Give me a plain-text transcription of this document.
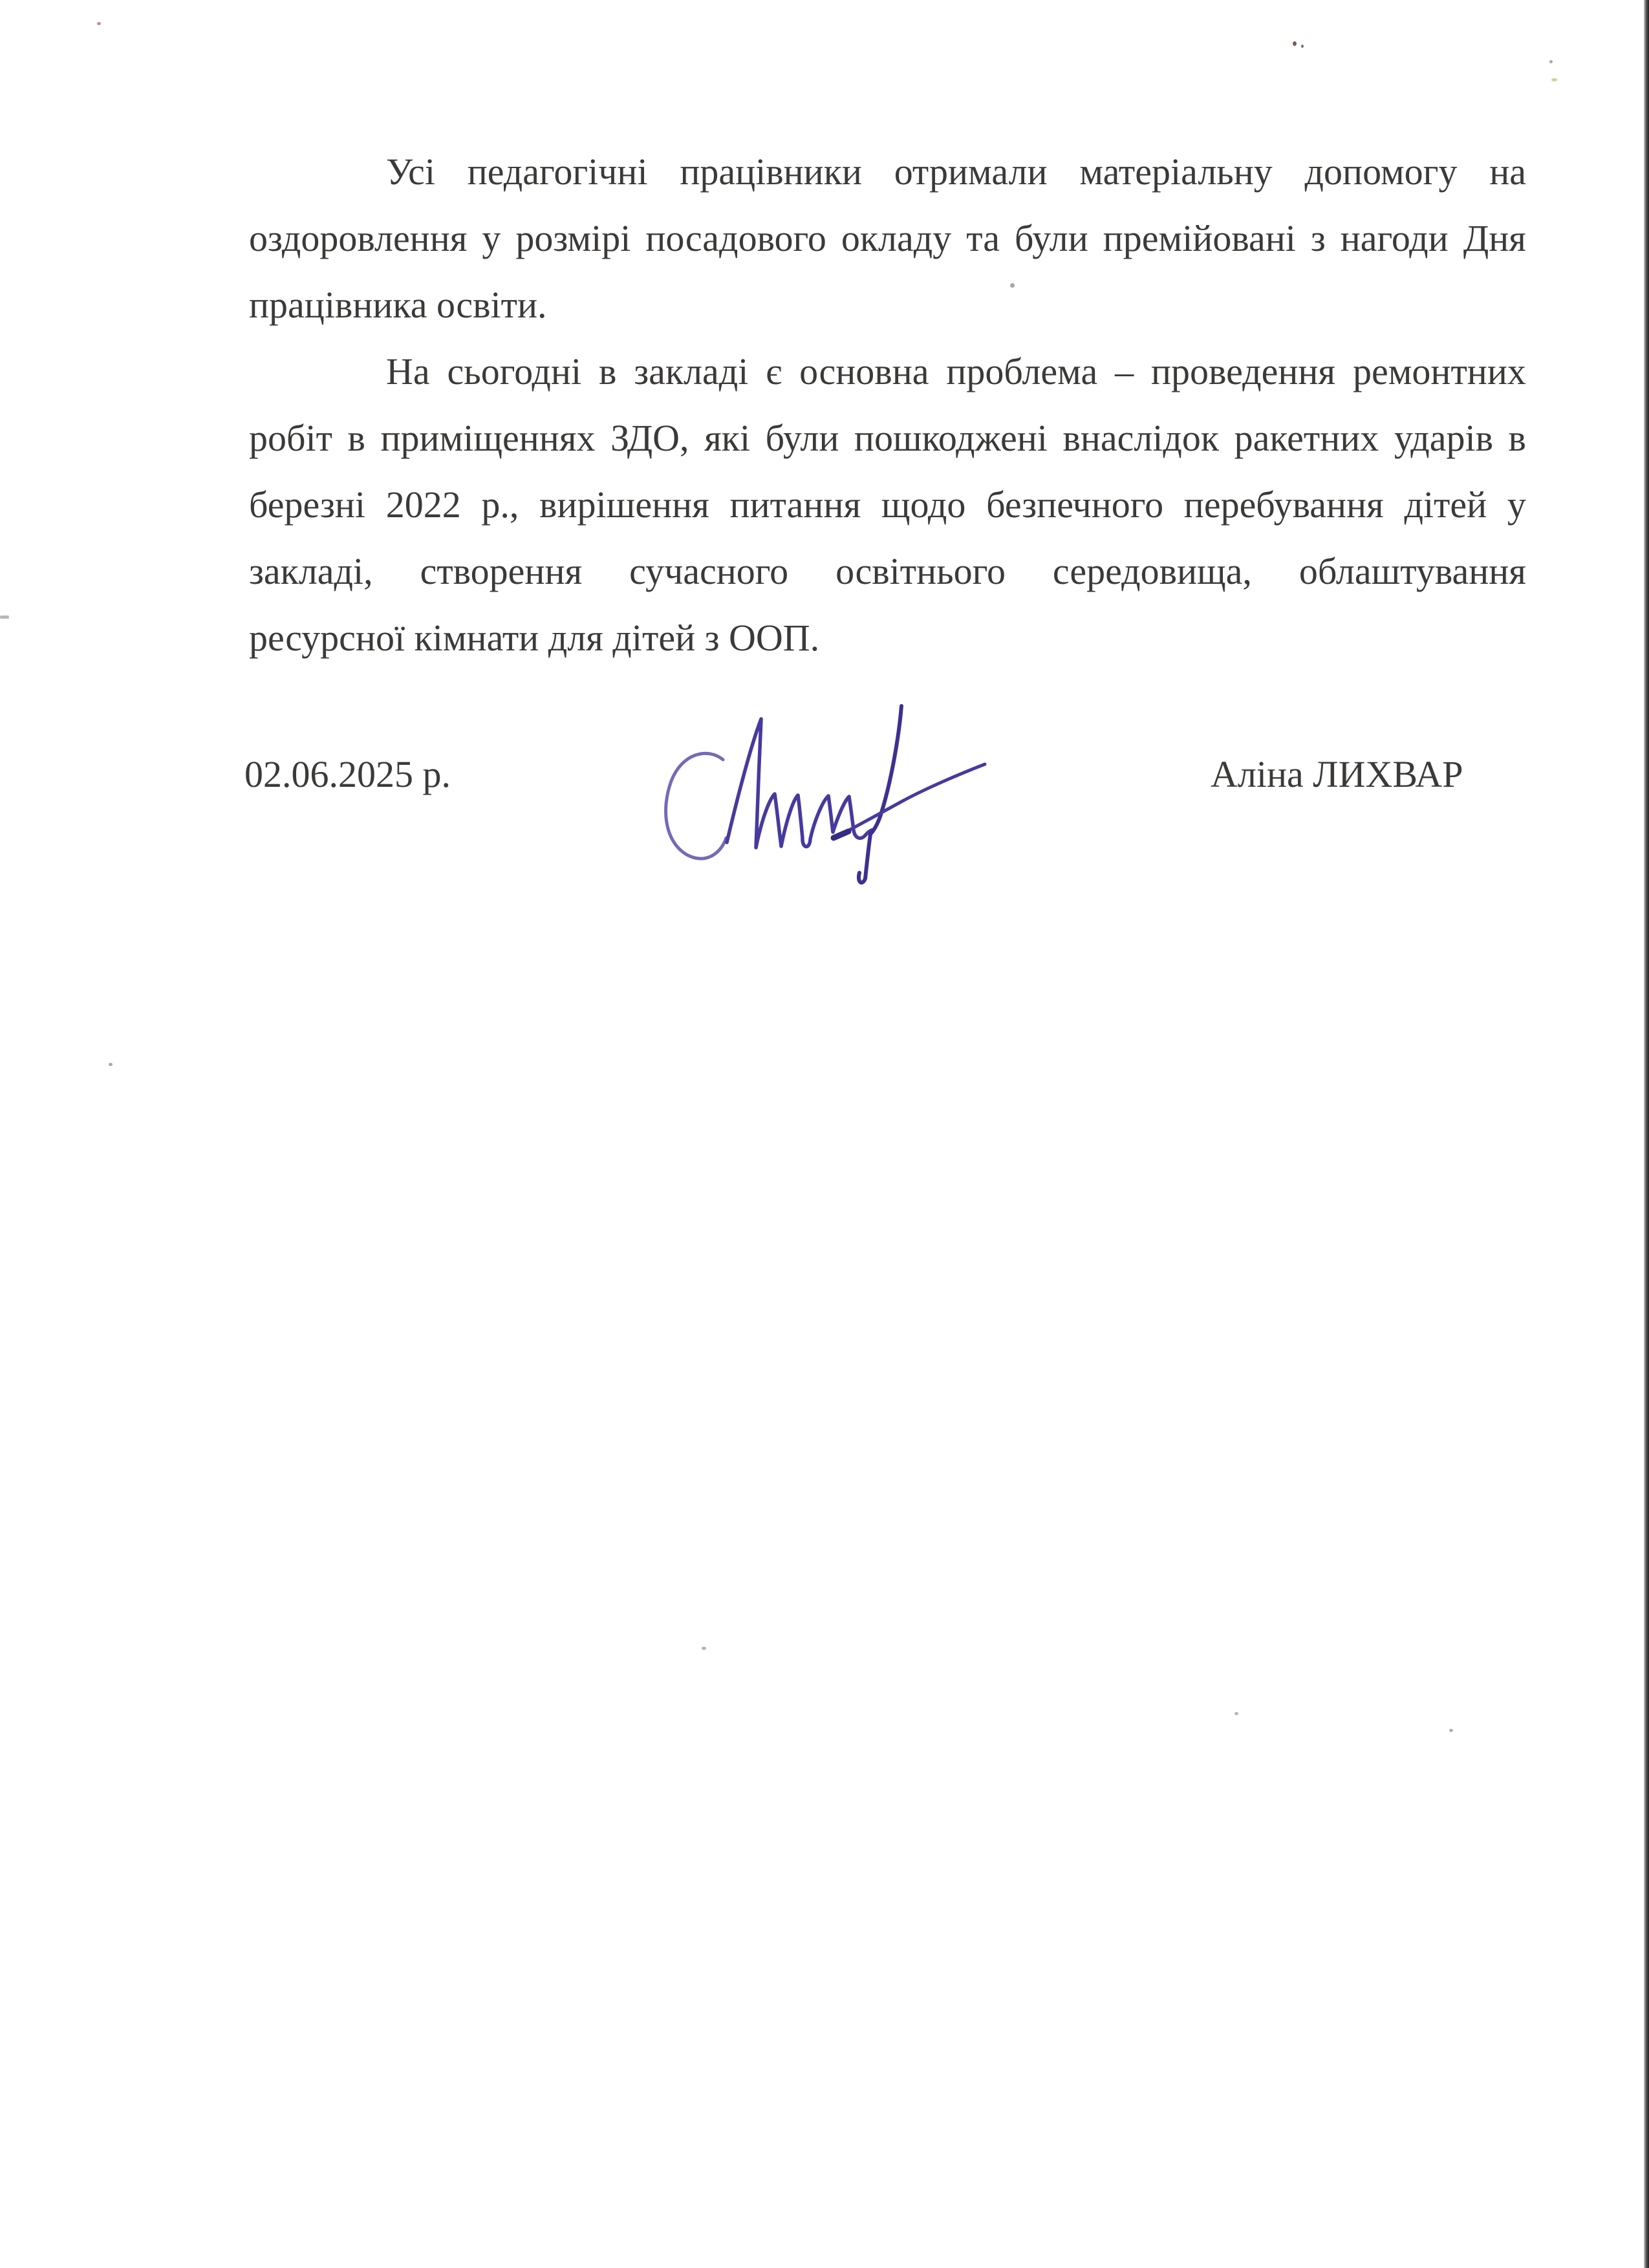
Усі педагогічні працівники отримали матеріальну допомогу на
оздоровлення у розмірі посадового окладу та були премійовані з нагоди Дня
працівника освіти.
На сьогодні в закладі є основна проблема – проведення ремонтних
робіт в приміщеннях ЗДО, які були пошкоджені внаслідок ракетних ударів в
березні 2022 р., вирішення питання щодо безпечного перебування дітей у
закладі, створення сучасного освітнього середовища, облаштування
ресурсної кімнати для дітей з ООП.
02.06.2025 р.	Аліна ЛИХВАР
